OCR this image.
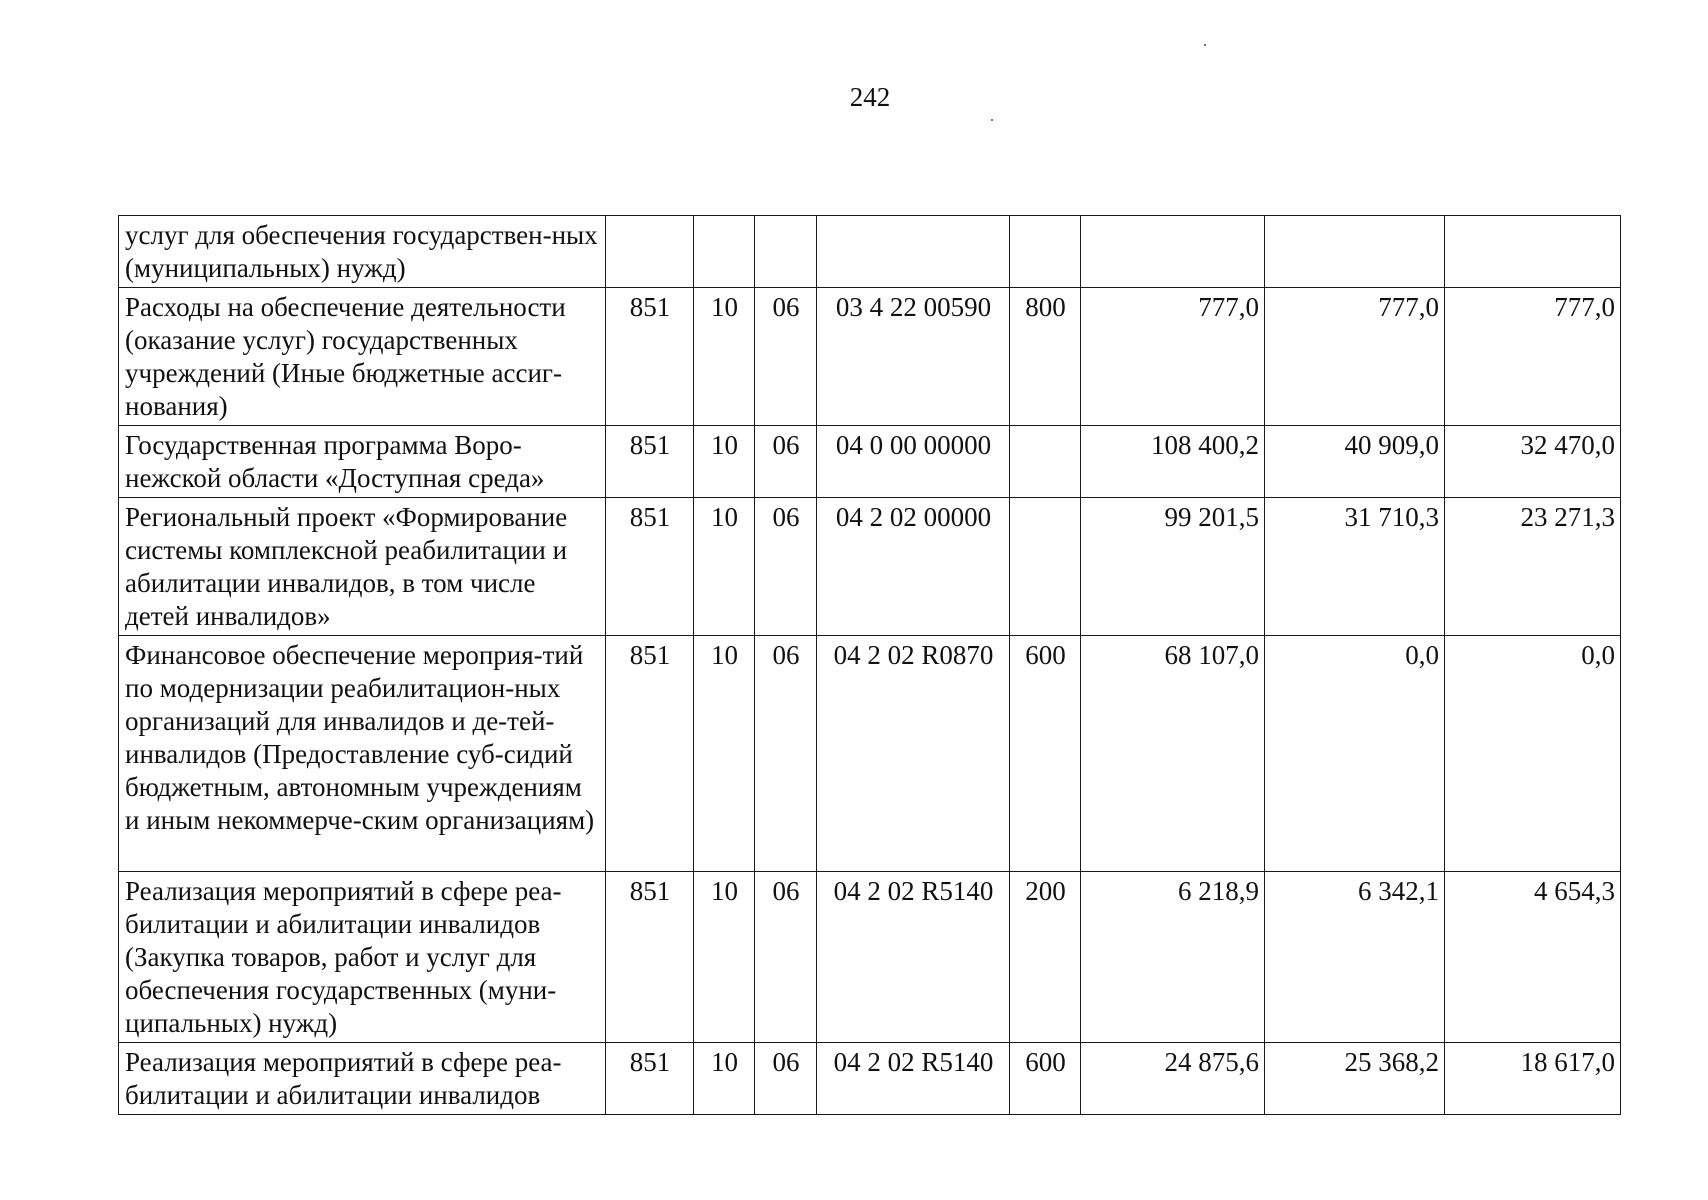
242
услуг для обеспечения государствен-ных (муниципальных) нужд)								
Расходы на обеспечение деятельности (оказание услуг) государственных учреждений (Иные бюджетные ассиг-нования)	851	10	06	03 4 22 00590	800	777,0	777,0	777,0
Государственная программа Воро-нежской области «Доступная среда»	851	10	06	04 0 00 00000		108 400,2	40 909,0	32 470,0
Региональный проект «Формирование системы комплексной реабилитации и абилитации инвалидов, в том числе детей инвалидов»	851	10	06	04 2 02 00000		99 201,5	31 710,3	23 271,3
Финансовое обеспечение мероприя-тий по модернизации реабилитацион-ных организаций для инвалидов и де-тей-инвалидов (Предоставление суб-сидий бюджетным, автономным учреждениям и иным некоммерче-ским организациям)	851	10	06	04 2 02 R0870	600	68 107,0	0,0	0,0
Реализация мероприятий в сфере реа-билитации и абилитации инвалидов (Закупка товаров, работ и услуг для обеспечения государственных (муни-ципальных) нужд)	851	10	06	04 2 02 R5140	200	6 218,9	6 342,1	4 654,3
Реализация мероприятий в сфере реа-билитации и абилитации инвалидов	851	10	06	04 2 02 R5140	600	24 875,6	25 368,2	18 617,0
